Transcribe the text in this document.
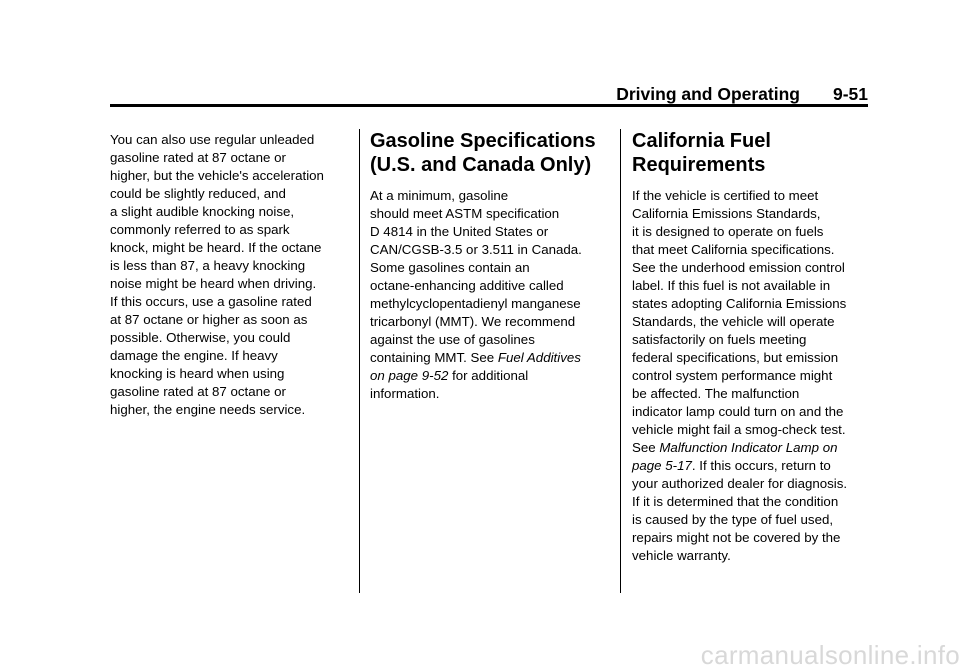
Driving and Operating 9-51

You can also use regular unleaded
gasoline rated at 87 octane or
higher, but the vehicle's acceleration
could be slightly reduced, and
a slight audible knocking noise,
commonly referred to as spark
knock, might be heard. If the octane
is less than 87, a heavy knocking
noise might be heard when driving.
If this occurs, use a gasoline rated
at 87 octane or higher as soon as
possible. Otherwise, you could
damage the engine. If heavy
knocking is heard when using
gasoline rated at 87 octane or
higher, the engine needs service.

Gasoline Specifications
(U.S. and Canada Only)

At a minimum, gasoline
should meet ASTM specification
D 4814 in the United States or
CAN/CGSB-3.5 or 3.511 in Canada.
Some gasolines contain an
octane-enhancing additive called
methylcyclopentadienyl manganese
tricarbonyl (MMT). We recommend
against the use of gasolines
containing MMT. See Fuel Additives
on page 9-52 for additional
information.

California Fuel
Requirements

If the vehicle is certified to meet
California Emissions Standards,
it is designed to operate on fuels
that meet California specifications.
See the underhood emission control
label. If this fuel is not available in
states adopting California Emissions
Standards, the vehicle will operate
satisfactorily on fuels meeting
federal specifications, but emission
control system performance might
be affected. The malfunction
indicator lamp could turn on and the
vehicle might fail a smog-check test.
See Malfunction Indicator Lamp on
page 5-17. If this occurs, return to
your authorized dealer for diagnosis.
If it is determined that the condition
is caused by the type of fuel used,
repairs might not be covered by the
vehicle warranty.

carmanualsonline.info
